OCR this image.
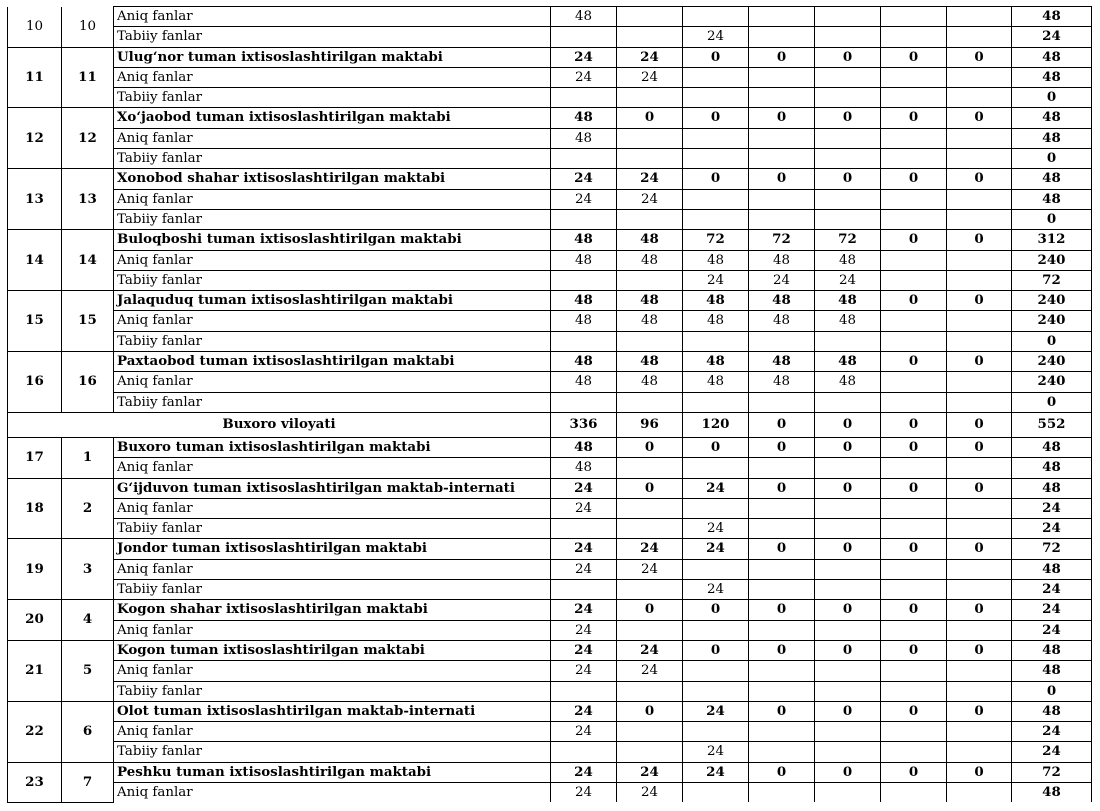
10	10	Aniq fanlar	48							48
		Tabiiy fanlar			24					24
11	11	Ulug‘nor tuman ixtisoslashtirilgan maktabi	24	24	0	0	0	0	0	48
		Aniq fanlar	24	24						48
		Tabiiy fanlar								0
12	12	Xo‘jaobod tuman ixtisoslashtirilgan maktabi	48	0	0	0	0	0	0	48
		Aniq fanlar	48							48
		Tabiiy fanlar								0
13	13	Xonobod shahar ixtisoslashtirilgan maktabi	24	24	0	0	0	0	0	48
		Aniq fanlar	24	24						48
		Tabiiy fanlar								0
14	14	Buloqboshi tuman ixtisoslashtirilgan maktabi	48	48	72	72	72	0	0	312
		Aniq fanlar	48	48	48	48	48			240
		Tabiiy fanlar			24	24	24			72
15	15	Jalaquduq tuman ixtisoslashtirilgan maktabi	48	48	48	48	48	0	0	240
		Aniq fanlar	48	48	48	48	48			240
		Tabiiy fanlar								0
16	16	Paxtaobod tuman ixtisoslashtirilgan maktabi	48	48	48	48	48	0	0	240
		Aniq fanlar	48	48	48	48	48			240
		Tabiiy fanlar								0
Buxoro viloyati			336	96	120	0	0	0	0	552
17	1	Buxoro tuman ixtisoslashtirilgan maktabi	48	0	0	0	0	0	0	48
		Aniq fanlar	48							48
18	2	G‘ijduvon tuman ixtisoslashtirilgan maktab-internati	24	0	24	0	0	0	0	48
		Aniq fanlar	24							24
		Tabiiy fanlar			24					24
19	3	Jondor tuman ixtisoslashtirilgan maktabi	24	24	24	0	0	0	0	72
		Aniq fanlar	24	24						48
		Tabiiy fanlar			24					24
20	4	Kogon shahar ixtisoslashtirilgan maktabi	24	0	0	0	0	0	0	24
		Aniq fanlar	24							24
21	5	Kogon tuman ixtisoslashtirilgan maktabi	24	24	0	0	0	0	0	48
		Aniq fanlar	24	24						48
		Tabiiy fanlar								0
22	6	Olot tuman ixtisoslashtirilgan maktab-internati	24	0	24	0	0	0	0	48
		Aniq fanlar	24							24
		Tabiiy fanlar			24					24
23	7	Peshku tuman ixtisoslashtirilgan maktabi	24	24	24	0	0	0	0	72
		Aniq fanlar	24	24						48
